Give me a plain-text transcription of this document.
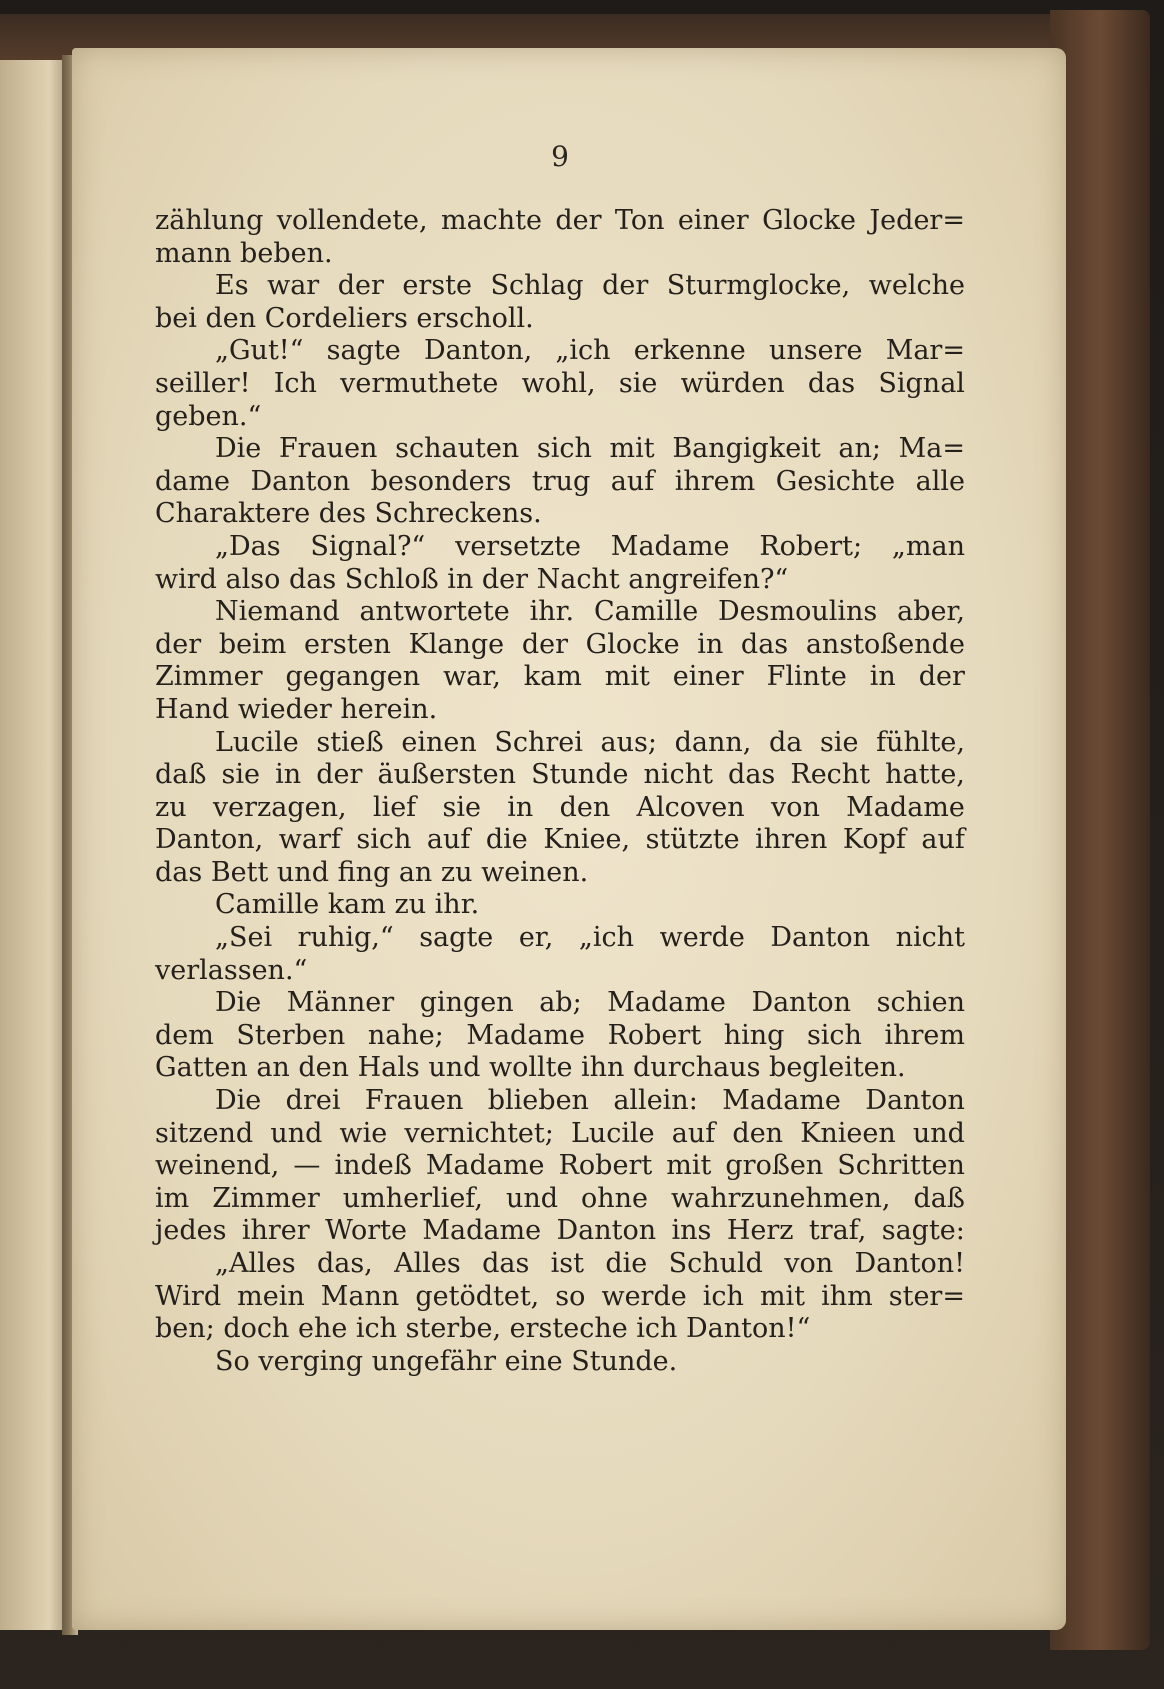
9
zählung vollendete, machte der Ton einer Glocke Jeder=
mann beben.
Es war der erste Schlag der Sturmglocke, welche
bei den Cordeliers erscholl.
„Gut!“ sagte Danton, „ich erkenne unsere Mar=
seiller! Ich vermuthete wohl, sie würden das Signal
geben.“
Die Frauen schauten sich mit Bangigkeit an; Ma=
dame Danton besonders trug auf ihrem Gesichte alle
Charaktere des Schreckens.
„Das Signal?“ versetzte Madame Robert; „man
wird also das Schloß in der Nacht angreifen?“
Niemand antwortete ihr. Camille Desmoulins aber,
der beim ersten Klange der Glocke in das anstoßende
Zimmer gegangen war, kam mit einer Flinte in der
Hand wieder herein.
Lucile stieß einen Schrei aus; dann, da sie fühlte,
daß sie in der äußersten Stunde nicht das Recht hatte,
zu verzagen, lief sie in den Alcoven von Madame
Danton, warf sich auf die Kniee, stützte ihren Kopf auf
das Bett und fing an zu weinen.
Camille kam zu ihr.
„Sei ruhig,“ sagte er, „ich werde Danton nicht
verlassen.“
Die Männer gingen ab; Madame Danton schien
dem Sterben nahe; Madame Robert hing sich ihrem
Gatten an den Hals und wollte ihn durchaus begleiten.
Die drei Frauen blieben allein: Madame Danton
sitzend und wie vernichtet; Lucile auf den Knieen und
weinend, — indeß Madame Robert mit großen Schritten
im Zimmer umherlief, und ohne wahrzunehmen, daß
jedes ihrer Worte Madame Danton ins Herz traf, sagte:
„Alles das, Alles das ist die Schuld von Danton!
Wird mein Mann getödtet, so werde ich mit ihm ster=
ben; doch ehe ich sterbe, ersteche ich Danton!“
So verging ungefähr eine Stunde.
